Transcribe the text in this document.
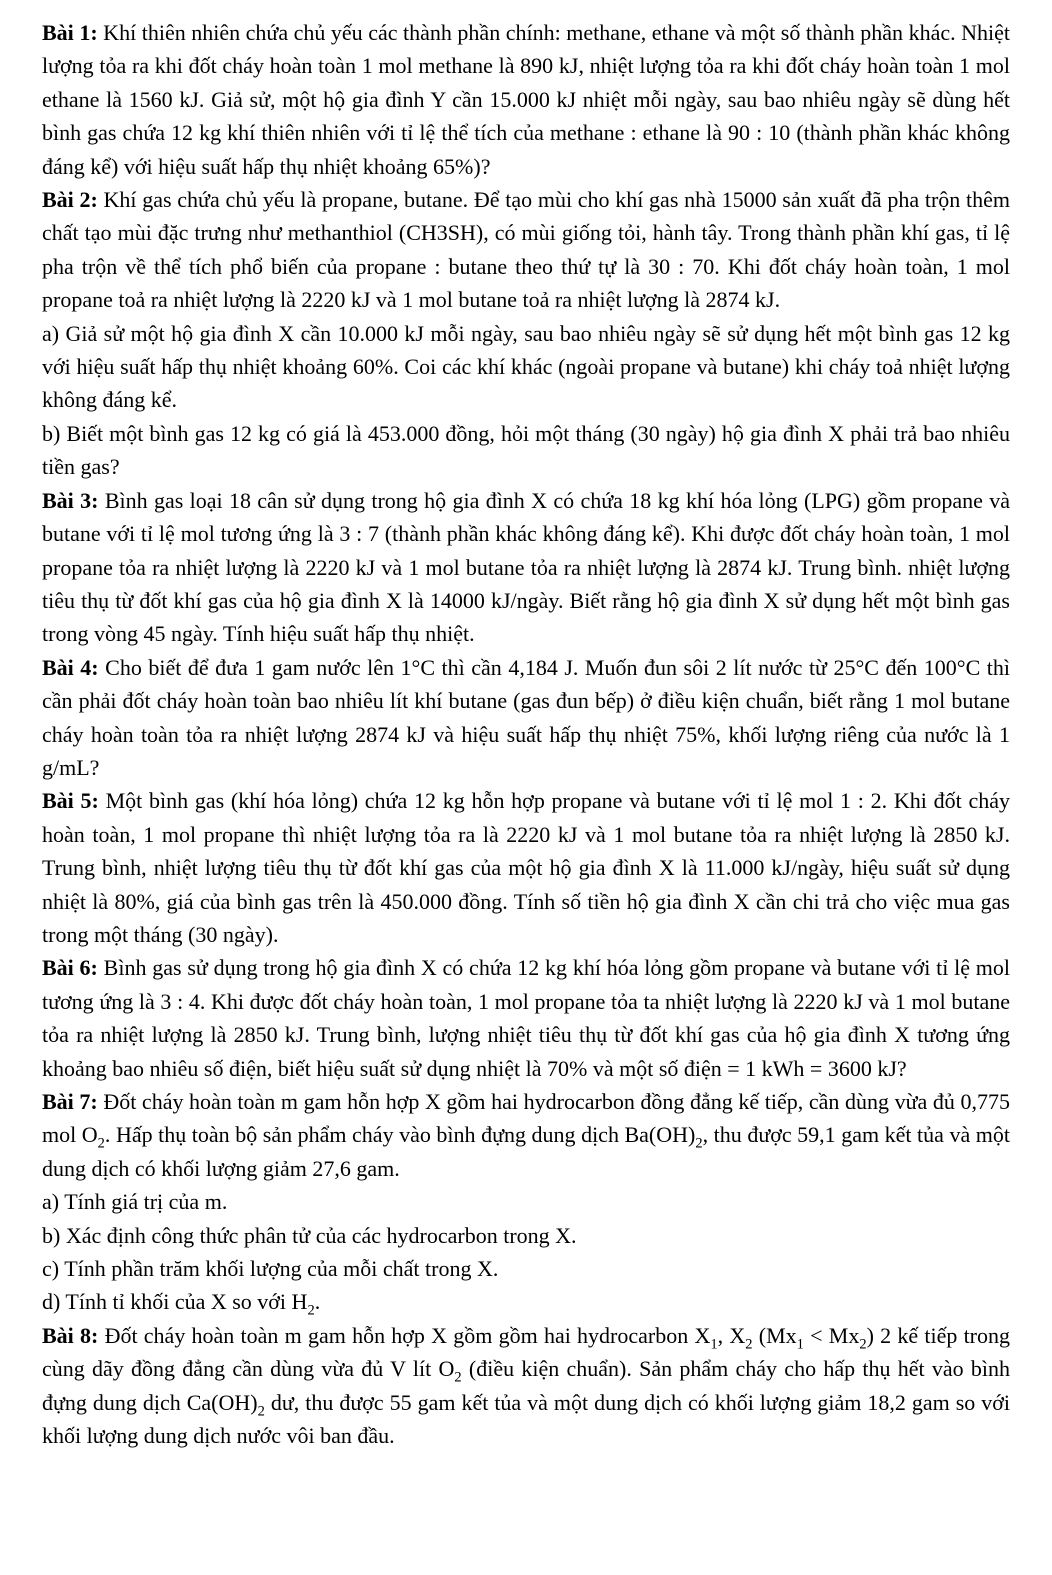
Bài 1: Khí thiên nhiên chứa chủ yếu các thành phần chính: methane, ethane và một số thành phần khác. Nhiệt lượng tỏa ra khi đốt cháy hoàn toàn 1 mol methane là 890 kJ, nhiệt lượng tỏa ra khi đốt cháy hoàn toàn 1 mol ethane là 1560 kJ. Giả sử, một hộ gia đình Y cần 15.000 kJ nhiệt mỗi ngày, sau bao nhiêu ngày sẽ dùng hết bình gas chứa 12 kg khí thiên nhiên với tỉ lệ thể tích của methane : ethane là 90 : 10 (thành phần khác không đáng kể) với hiệu suất hấp thụ nhiệt khoảng 65%)?

Bài 2: Khí gas chứa chủ yếu là propane, butane. Để tạo mùi cho khí gas nhà 15000 sản xuất đã pha trộn thêm chất tạo mùi đặc trưng như methanthiol (CH3SH), có mùi giống tỏi, hành tây. Trong thành phần khí gas, tỉ lệ pha trộn về thể tích phổ biến của propane : butane theo thứ tự là 30 : 70. Khi đốt cháy hoàn toàn, 1 mol propane toả ra nhiệt lượng là 2220 kJ và 1 mol butane toả ra nhiệt lượng là 2874 kJ.

a) Giả sử một hộ gia đình X cần 10.000 kJ mỗi ngày, sau bao nhiêu ngày sẽ sử dụng hết một bình gas 12 kg với hiệu suất hấp thụ nhiệt khoảng 60%. Coi các khí khác (ngoài propane và butane) khi cháy toả nhiệt lượng không đáng kể.

b) Biết một bình gas 12 kg có giá là 453.000 đồng, hỏi một tháng (30 ngày) hộ gia đình X phải trả bao nhiêu tiền gas?

Bài 3: Bình gas loại 18 cân sử dụng trong hộ gia đình X có chứa 18 kg khí hóa lỏng (LPG) gồm propane và butane với tỉ lệ mol tương ứng là 3 : 7 (thành phần khác không đáng kể). Khi được đốt cháy hoàn toàn, 1 mol propane tỏa ra nhiệt lượng là 2220 kJ và 1 mol butane tỏa ra nhiệt lượng là 2874 kJ. Trung bình. nhiệt lượng tiêu thụ từ đốt khí gas của hộ gia đình X là 14000 kJ/ngày. Biết rằng hộ gia đình X sử dụng hết một bình gas trong vòng 45 ngày. Tính hiệu suất hấp thụ nhiệt.

Bài 4: Cho biết để đưa 1 gam nước lên 1°C thì cần 4,184 J. Muốn đun sôi 2 lít nước từ 25°C đến 100°C thì cần phải đốt cháy hoàn toàn bao nhiêu lít khí butane (gas đun bếp) ở điều kiện chuẩn, biết rằng 1 mol butane cháy hoàn toàn tỏa ra nhiệt lượng 2874 kJ và hiệu suất hấp thụ nhiệt 75%, khối lượng riêng của nước là 1 g/mL?

Bài 5: Một bình gas (khí hóa lỏng) chứa 12 kg hỗn hợp propane và butane với tỉ lệ mol 1 : 2. Khi đốt cháy hoàn toàn, 1 mol propane thì nhiệt lượng tỏa ra là 2220 kJ và 1 mol butane tỏa ra nhiệt lượng là 2850 kJ. Trung bình, nhiệt lượng tiêu thụ từ đốt khí gas của một hộ gia đình X là 11.000 kJ/ngày, hiệu suất sử dụng nhiệt là 80%, giá của bình gas trên là 450.000 đồng. Tính số tiền hộ gia đình X cần chi trả cho việc mua gas trong một tháng (30 ngày).

Bài 6: Bình gas sử dụng trong hộ gia đình X có chứa 12 kg khí hóa lỏng gồm propane và butane với tỉ lệ mol tương ứng là 3 : 4. Khi được đốt cháy hoàn toàn, 1 mol propane tỏa ta nhiệt lượng là 2220 kJ và 1 mol butane tỏa ra nhiệt lượng là 2850 kJ. Trung bình, lượng nhiệt tiêu thụ từ đốt khí gas của hộ gia đình X tương ứng khoảng bao nhiêu số điện, biết hiệu suất sử dụng nhiệt là 70% và một số điện = 1 kWh = 3600 kJ?

Bài 7: Đốt cháy hoàn toàn m gam hỗn hợp X gồm hai hydrocarbon đồng đẳng kế tiếp, cần dùng vừa đủ 0,775 mol $O_2$. Hấp thụ toàn bộ sản phẩm cháy vào bình đựng dung dịch $Ba(OH)_2$, thu được 59,1 gam kết tủa và một dung dịch có khối lượng giảm 27,6 gam.

a) Tính giá trị của m.

b) Xác định công thức phân tử của các hydrocarbon trong X.

c) Tính phần trăm khối lượng của mỗi chất trong X.

d) Tính tỉ khối của X so với $H_2$.

Bài 8: Đốt cháy hoàn toàn m gam hỗn hợp X gồm gồm hai hydrocarbon $X_1$, $X_2$ $(Mx_1 < Mx_2)$ 2 kế tiếp trong cùng dãy đồng đẳng cần dùng vừa đủ V lít $O_2$ (điều kiện chuẩn). Sản phẩm cháy cho hấp thụ hết vào bình đựng dung dịch $Ca(OH)_2$ dư, thu được 55 gam kết tủa và một dung dịch có khối lượng giảm 18,2 gam so với khối lượng dung dịch nước vôi ban đầu.
